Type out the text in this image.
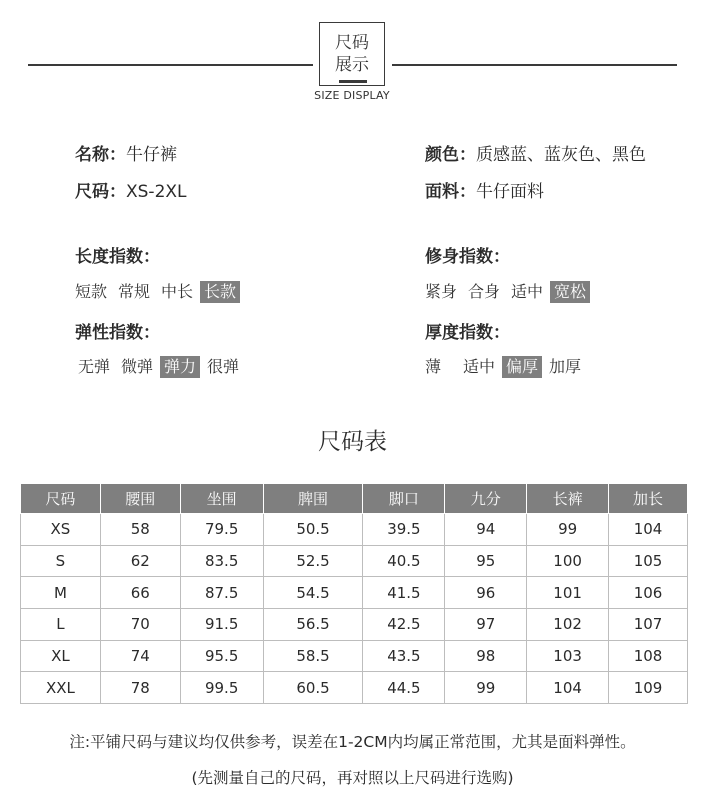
尺码
展示
SIZE DISPLAY
名称：牛仔裤	颜色：质感蓝、蓝灰色、黑色
尺码：XS-2XL	面料：牛仔面料
长度指数：
短款 常规 中长 长款
修身指数：
紧身 合身 适中 宽松
弹性指数：
无弹 微弹 弹力 很弹
厚度指数：
薄 适中 偏厚 加厚
尺码表
尺码	腰围	坐围	脾围	脚口	九分	长裤	加长
XS	58	79.5	50.5	39.5	94	99	104
S	62	83.5	52.5	40.5	95	100	105
M	66	87.5	54.5	41.5	96	101	106
L	70	91.5	56.5	42.5	97	102	107
XL	74	95.5	58.5	43.5	98	103	108
XXL	78	99.5	60.5	44.5	99	104	109
注:平铺尺码与建议均仅供参考，误差在1-2CM内均属正常范围，尤其是面料弹性。
(先测量自己的尺码，再对照以上尺码进行选购)
